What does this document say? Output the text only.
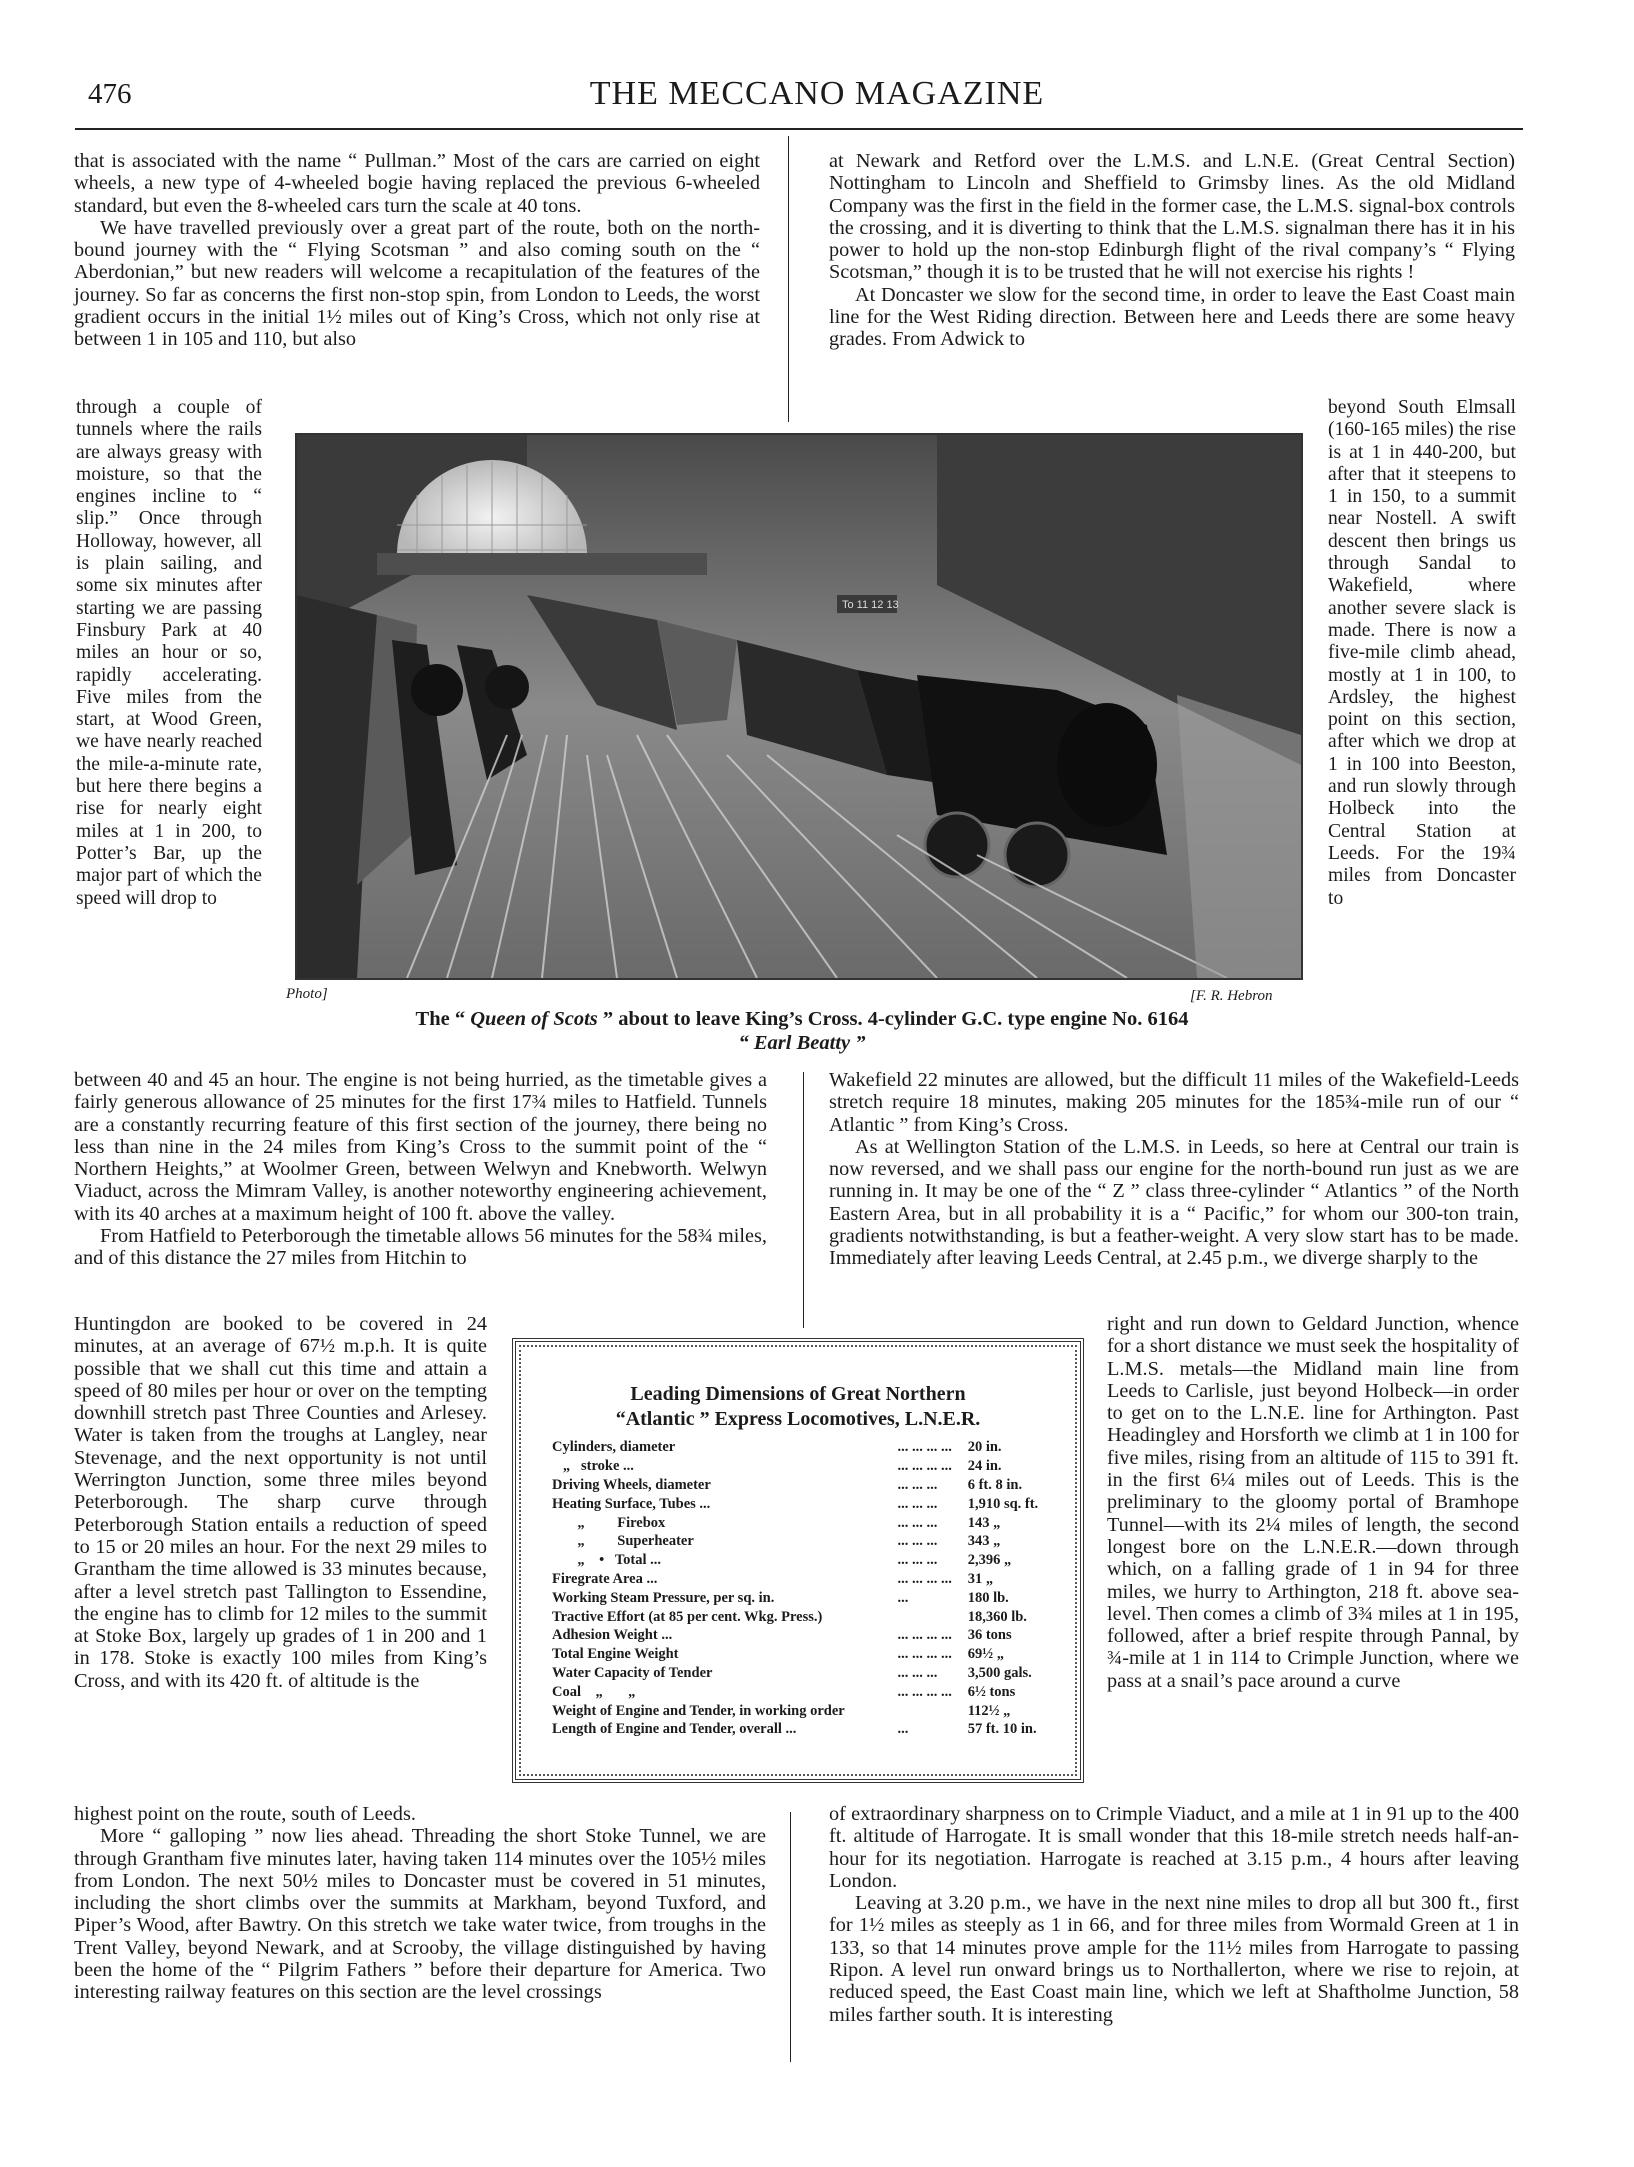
476	THE MECCANO MAGAZINE

that is associated with the name “ Pullman.” Most of the cars are carried on eight wheels, a new type of 4-wheeled bogie having replaced the previous 6-wheeled standard, but even the 8-wheeled cars turn the scale at 40 tons.

We have travelled previously over a great part of the route, both on the north-bound journey with the “ Flying Scotsman ” and also coming south on the “ Aberdonian,” but new readers will welcome a recapitulation of the features of the journey. So far as concerns the first non-stop spin, from London to Leeds, the worst gradient occurs in the initial 1½ miles out of King’s Cross, which not only rise at between 1 in 105 and 110, but also

through a couple of tunnels where the rails are always greasy with moisture, so that the engines incline to “ slip.” Once through Holloway, however, all is plain sailing, and some six minutes after starting we are passing Finsbury Park at 40 miles an hour or so, rapidly accelerating. Five miles from the start, at Wood Green, we have nearly reached the mile-a-minute rate, but here there begins a rise for nearly eight miles at 1 in 200, to Potter’s Bar, up the major part of which the speed will drop to

between 40 and 45 an hour. The engine is not being hurried, as the timetable gives a fairly generous allowance of 25 minutes for the first 17¾ miles to Hatfield. Tunnels are a constantly recurring feature of this first section of the journey, there being no less than nine in the 24 miles from King’s Cross to the summit point of the “ Northern Heights,” at Woolmer Green, between Welwyn and Knebworth. Welwyn Viaduct, across the Mimram Valley, is another noteworthy engineering achievement, with its 40 arches at a maximum height of 100 ft. above the valley.

From Hatfield to Peterborough the timetable allows 56 minutes for the 58¾ miles, and of this distance the 27 miles from Hitchin to

Huntingdon are booked to be covered in 24 minutes, at an average of 67½ m.p.h. It is quite possible that we shall cut this time and attain a speed of 80 miles per hour or over on the tempting downhill stretch past Three Counties and Arlesey. Water is taken from the troughs at Langley, near Stevenage, and the next opportunity is not until Werrington Junction, some three miles beyond Peterborough. The sharp curve through Peterborough Station entails a reduction of speed to 15 or 20 miles an hour. For the next 29 miles to Grantham the time allowed is 33 minutes because, after a level stretch past Tallington to Essendine, the engine has to climb for 12 miles to the summit at Stoke Box, largely up grades of 1 in 200 and 1 in 178. Stoke is exactly 100 miles from King’s Cross, and with its 420 ft. of altitude is the

highest point on the route, south of Leeds.

More “ galloping ” now lies ahead. Threading the short Stoke Tunnel, we are through Grantham five minutes later, having taken 114 minutes over the 105½ miles from London. The next 50½ miles to Doncaster must be covered in 51 minutes, including the short climbs over the summits at Markham, beyond Tuxford, and Piper’s Wood, after Bawtry. On this stretch we take water twice, from troughs in the Trent Valley, beyond Newark, and at Scrooby, the village distinguished by having been the home of the “ Pilgrim Fathers ” before their departure for America. Two interesting railway features on this section are the level crossings

at Newark and Retford over the L.M.S. and L.N.E. (Great Central Section) Nottingham to Lincoln and Sheffield to Grimsby lines. As the old Midland Company was the first in the field in the former case, the L.M.S. signal-box controls the crossing, and it is diverting to think that the L.M.S. signalman there has it in his power to hold up the non-stop Edinburgh flight of the rival company’s “ Flying Scotsman,” though it is to be trusted that he will not exercise his rights !

At Doncaster we slow for the second time, in order to leave the East Coast main line for the West Riding direction. Between here and Leeds there are some heavy grades. From Adwick to

beyond South Elmsall (160-165 miles) the rise is at 1 in 440-200, but after that it steepens to 1 in 150, to a summit near Nostell. A swift descent then brings us through Sandal to Wakefield, where another severe slack is made. There is now a five-mile climb ahead, mostly at 1 in 100, to Ardsley, the highest point on this section, after which we drop at 1 in 100 into Beeston, and run slowly through Holbeck into the Central Station at Leeds. For the 19¾ miles from Doncaster to

Wakefield 22 minutes are allowed, but the difficult 11 miles of the Wakefield-Leeds stretch require 18 minutes, making 205 minutes for the 185¾-mile run of our “ Atlantic ” from King’s Cross.

As at Wellington Station of the L.M.S. in Leeds, so here at Central our train is now reversed, and we shall pass our engine for the north-bound run just as we are running in. It may be one of the “ Z ” class three-cylinder “ Atlantics ” of the North Eastern Area, but in all probability it is a “ Pacific,” for whom our 300-ton train, gradients notwithstanding, is but a feather-weight. A very slow start has to be made. Immediately after leaving Leeds Central, at 2.45 p.m., we diverge sharply to the

right and run down to Geldard Junction, whence for a short distance we must seek the hospitality of L.M.S. metals—the Midland main line from Leeds to Carlisle, just beyond Holbeck—in order to get on to the L.N.E. line for Arthington. Past Headingley and Horsforth we climb at 1 in 100 for five miles, rising from an altitude of 115 to 391 ft. in the first 6¼ miles out of Leeds. This is the preliminary to the gloomy portal of Bramhope Tunnel—with its 2¼ miles of length, the second longest bore on the L.N.E.R.—down through which, on a falling grade of 1 in 94 for three miles, we hurry to Arthington, 218 ft. above sea-level. Then comes a climb of 3¾ miles at 1 in 195, followed, after a brief respite through Pannal, by ¾-mile at 1 in 114 to Crimple Junction, where we pass at a snail’s pace around a curve

of extraordinary sharpness on to Crimple Viaduct, and a mile at 1 in 91 up to the 400 ft. altitude of Harrogate. It is small wonder that this 18-mile stretch needs half-an-hour for its negotiation. Harrogate is reached at 3.15 p.m., 4 hours after leaving London.

Leaving at 3.20 p.m., we have in the next nine miles to drop all but 300 ft., first for 1½ miles as steeply as 1 in 66, and for three miles from Wormald Green at 1 in 133, so that 14 minutes prove ample for the 11½ miles from Harrogate to passing Ripon. A level run onward brings us to Northallerton, where we rise to rejoin, at reduced speed, the East Coast main line, which we left at Shaftholme Junction, 58 miles farther south. It is interesting

To 11 12 13
Photo]	[F. R. Hebron
The “ Queen of Scots ” about to leave King’s Cross. 4-cylinder G.C. type engine No. 6164
“ Earl Beatty ”
Leading Dimensions of Great Northern
“Atlantic ” Express Locomotives, L.N.E.R.
Cylinders, diameter	... ... ... ...	20 in.
„   stroke ...	... ... ... ...	24 in.
Driving Wheels, diameter	... ... ...	6 ft. 8 in.
Heating Surface, Tubes ...	... ... ...	1,910 sq. ft.
„         Firebox	... ... ...	143 „
„         Superheater	... ... ...	343 „
„    •   Total ...	... ... ...	2,396 „
Firegrate Area ...	... ... ... ...	31 „
Working Steam Pressure, per sq. in.	...	180 lb.
Tractive Effort (at 85 per cent. Wkg. Press.)		18,360 lb.
Adhesion Weight ...	... ... ... ...	36 tons
Total Engine Weight	... ... ... ...	69½ „
Water Capacity of Tender	... ... ...	3,500 gals.
Coal    „       „	... ... ... ...	6½ tons
Weight of Engine and Tender, in working order		112½ „
Length of Engine and Tender, overall ...	...	57 ft. 10 in.
